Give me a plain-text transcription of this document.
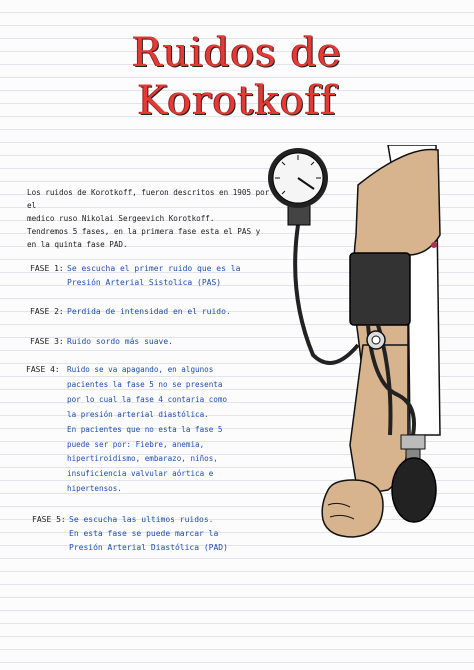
Ruidos de
Korotkoff
Los ruidos de Korotkoff, fueron descritos en 1905 por el
medico ruso Nikolai Sergeevich Korotkoff.
Tendremos 5 fases, en la primera fase esta el PAS y
en la quinta fase PAD.
FASE 1: Se escucha el primer ruido que es la
Presión Arterial Sistolica (PAS)
FASE 2: Perdida de intensidad en el ruido.
FASE 3: Ruido sordo más suave.
FASE 4: Ruido se va apagando, en algunos
pacientes la fase 5 no se presenta
por lo cual la fase 4 contaria como
la presión arterial diastólica.
En pacientes que no esta la fase 5
puede ser por: Fiebre, anemia,
hipertiroidismo, embarazo, niños,
insuficiencia valvular aórtica e
hipertensos.
FASE 5: Se escucha las ultimos ruidos.
En esta fase se puede marcar la
Presión Arterial Diastólica (PAD)
